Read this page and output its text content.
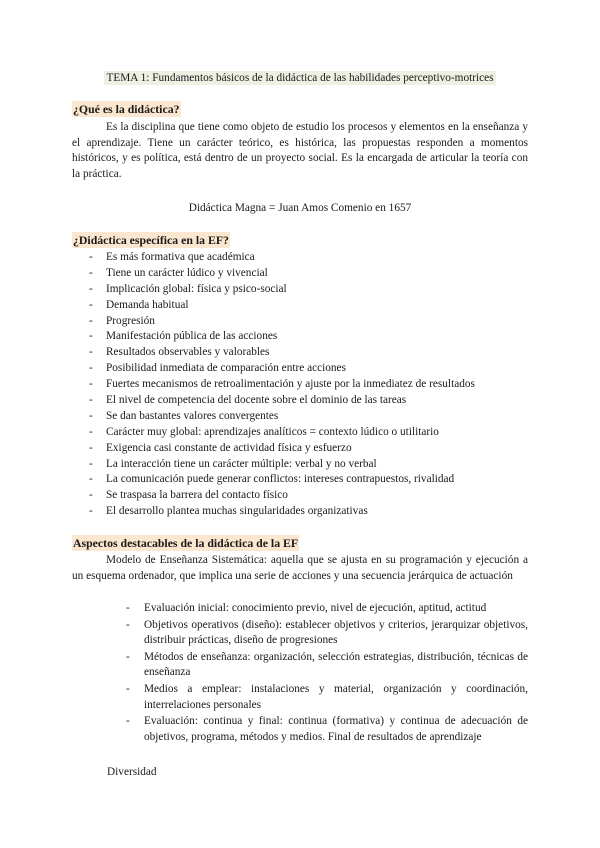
TEMA 1: Fundamentos básicos de la didáctica de las habilidades perceptivo-motrices
¿Qué es la didáctica?
Es la disciplina que tiene como objeto de estudio los procesos y elementos en la enseñanza y el aprendizaje. Tiene un carácter teórico, es histórica, las propuestas responden a momentos históricos, y es política, está dentro de un proyecto social. Es la encargada de articular la teoría con la práctica.
Didáctica Magna = Juan Amos Comenio en 1657
¿Didáctica específica en la EF?
- Es más formativa que académica
- Tiene un carácter lúdico y vivencial
- Implicación global: física y psico-social
- Demanda habitual
- Progresión
- Manifestación pública de las acciones
- Resultados observables y valorables
- Posibilidad inmediata de comparación entre acciones
- Fuertes mecanismos de retroalimentación y ajuste por la inmediatez de resultados
- El nivel de competencia del docente sobre el dominio de las tareas
- Se dan bastantes valores convergentes
- Carácter muy global: aprendizajes analíticos = contexto lúdico o utilitario
- Exigencia casi constante de actividad física y esfuerzo
- La interacción tiene un carácter múltiple: verbal y no verbal
- La comunicación puede generar conflictos: intereses contrapuestos, rivalidad
- Se traspasa la barrera del contacto físico
- El desarrollo plantea muchas singularidades organizativas
Aspectos destacables de la didáctica de la EF
Modelo de Enseñanza Sistemática: aquella que se ajusta en su programación y ejecución a un esquema ordenador, que implica una serie de acciones y una secuencia jerárquica de actuación
- Evaluación inicial: conocimiento previo, nivel de ejecución, aptitud, actitud
- Objetivos operativos (diseño): establecer objetivos y criterios, jerarquizar objetivos, distribuir prácticas, diseño de progresiones
- Métodos de enseñanza: organización, selección estrategias, distribución, técnicas de enseñanza
- Medios a emplear: instalaciones y material, organización y coordinación, interrelaciones personales
- Evaluación: continua y final: continua (formativa) y continua de adecuación de objetivos, programa, métodos y medios. Final de resultados de aprendizaje
Diversidad
